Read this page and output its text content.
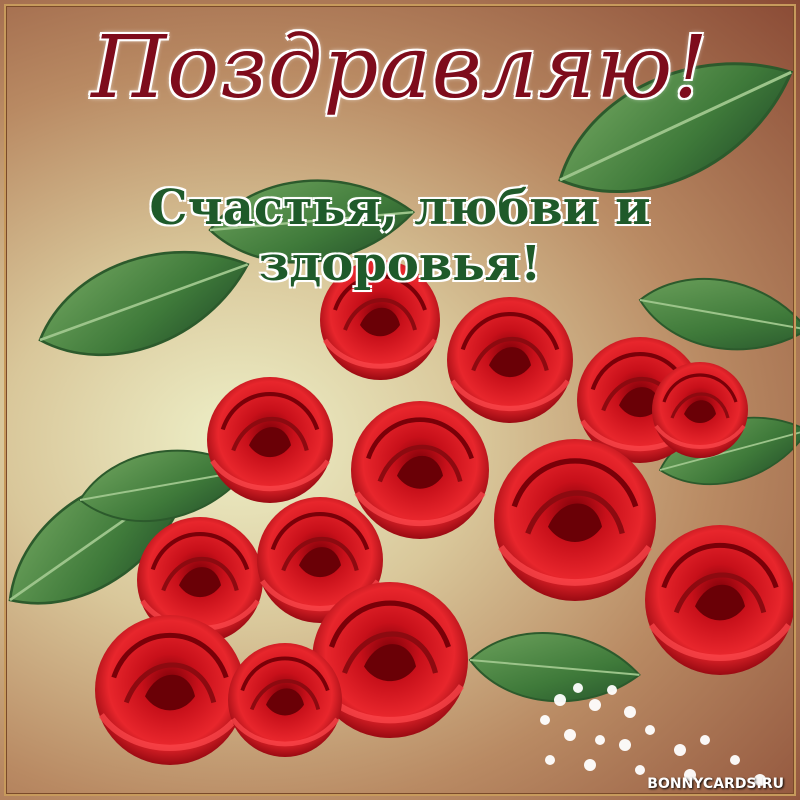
Поздравляю!
Счастья, любви и здоровья!
BONNYCARDS.RU
